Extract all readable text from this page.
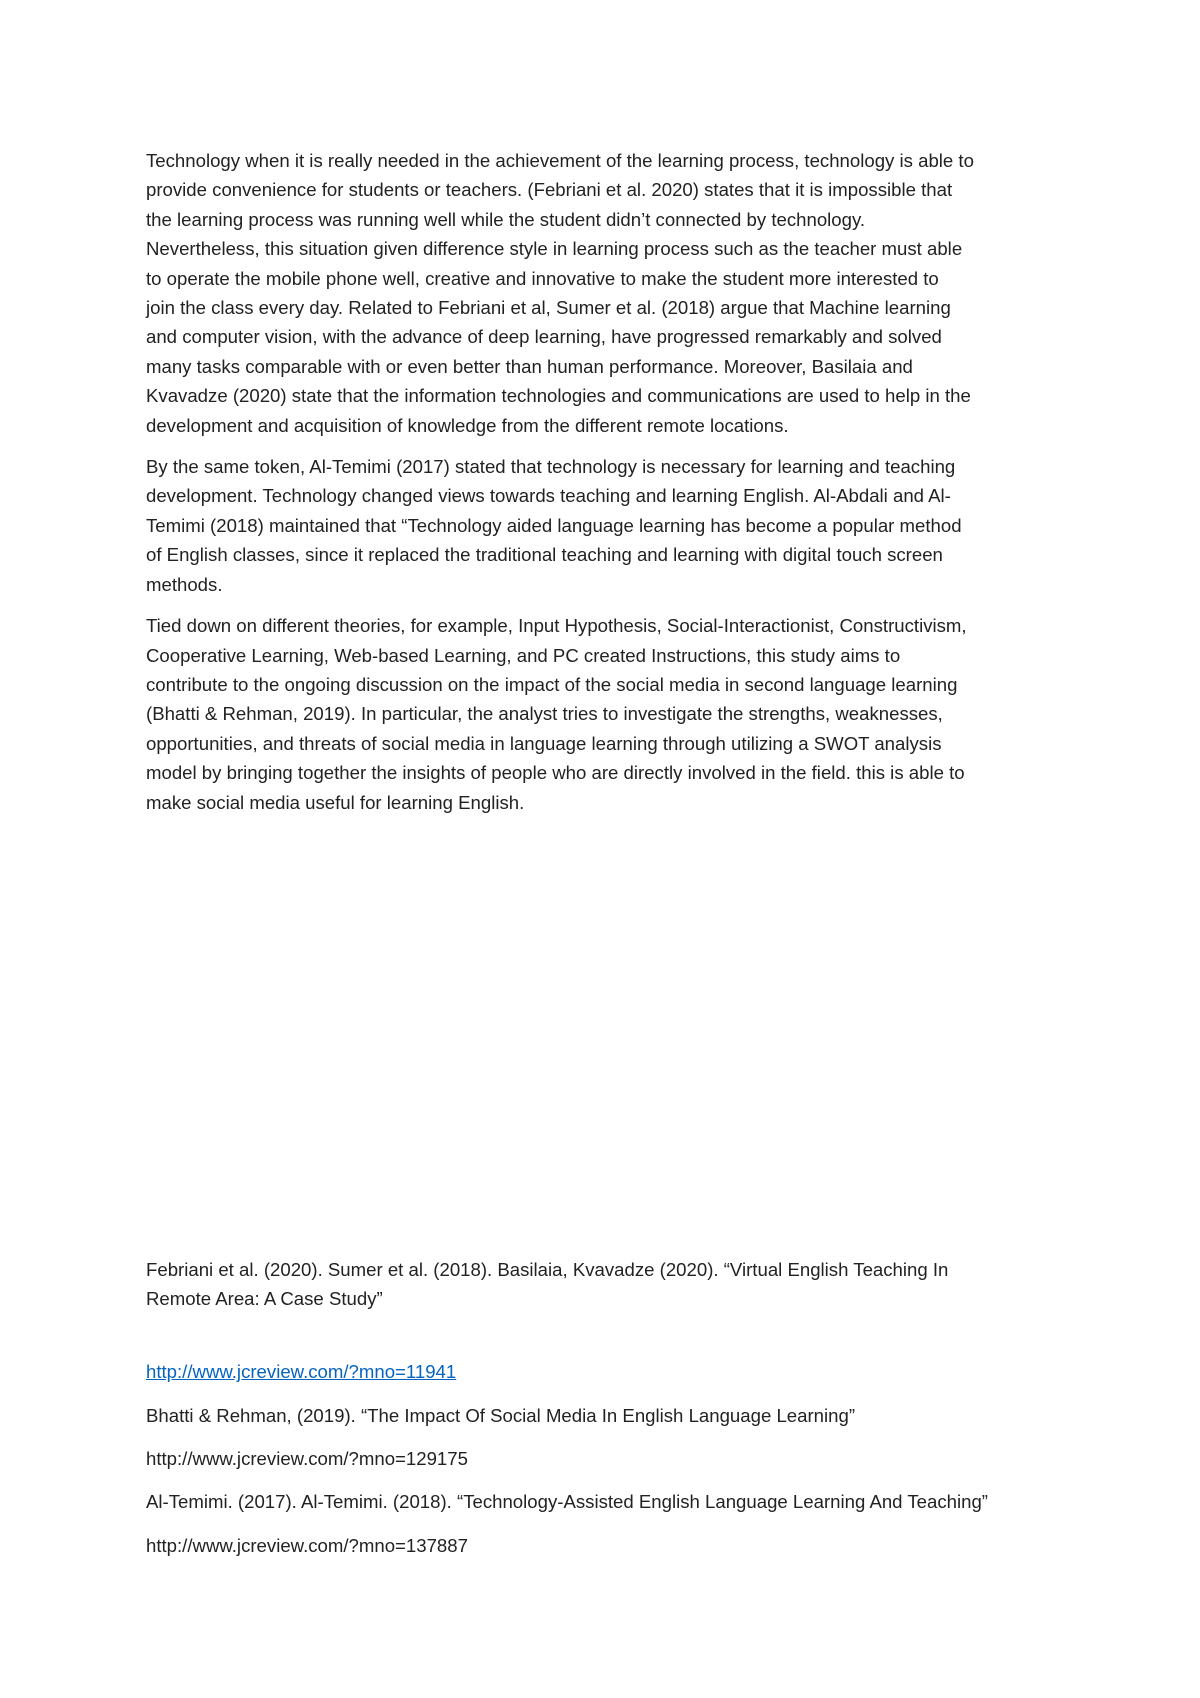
Technology when it is really needed in the achievement of the learning process, technology is able to
provide convenience for students or teachers. (Febriani et al. 2020) states that it is impossible that
the learning process was running well while the student didn’t connected by technology.
Nevertheless, this situation given difference style in learning process such as the teacher must able
to operate the mobile phone well, creative and innovative to make the student more interested to
join the class every day. Related to Febriani et al, Sumer et al. (2018) argue that Machine learning
and computer vision, with the advance of deep learning, have progressed remarkably and solved
many tasks comparable with or even better than human performance. Moreover, Basilaia and
Kvavadze (2020) state that the information technologies and communications are used to help in the
development and acquisition of knowledge from the different remote locations.

By the same token, Al-Temimi (2017) stated that technology is necessary for learning and teaching
development. Technology changed views towards teaching and learning English. Al-Abdali and Al-
Temimi (2018) maintained that “Technology aided language learning has become a popular method
of English classes, since it replaced the traditional teaching and learning with digital touch screen
methods.

Tied down on different theories, for example, Input Hypothesis, Social-Interactionist, Constructivism,
Cooperative Learning, Web-based Learning, and PC created Instructions, this study aims to
contribute to the ongoing discussion on the impact of the social media in second language learning
(Bhatti & Rehman, 2019). In particular, the analyst tries to investigate the strengths, weaknesses,
opportunities, and threats of social media in language learning through utilizing a SWOT analysis
model by bringing together the insights of people who are directly involved in the field. this is able to
make social media useful for learning English.

Febriani et al. (2020). Sumer et al. (2018). Basilaia, Kvavadze (2020). “Virtual English Teaching In
Remote Area: A Case Study”

http://www.jcreview.com/?mno=11941

Bhatti & Rehman, (2019). “The Impact Of Social Media In English Language Learning”

http://www.jcreview.com/?mno=129175

Al-Temimi. (2017). Al-Temimi. (2018). “Technology-Assisted English Language Learning And Teaching”

http://www.jcreview.com/?mno=137887
